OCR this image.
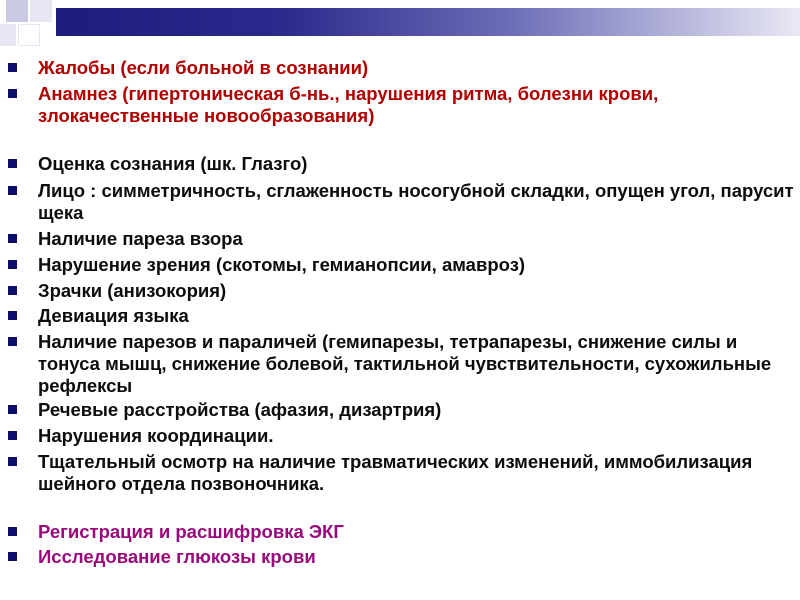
Жалобы (если больной в сознании)
Анамнез (гипертоническая б-нь., нарушения ритма, болезни крови, злокачественные новообразования)
Оценка сознания (шк. Глазго)
Лицо : симметричность, сглаженность носогубной складки, опущен угол, парусит щека
Наличие пареза взора
Нарушение зрения (скотомы, гемианопсии, амавроз)
Зрачки (анизокория)
Девиация языка
Наличие парезов и параличей (гемипарезы, тетрапарезы, снижение силы и тонуса мышц, снижение болевой, тактильной чувствительности, сухожильные рефлексы
Речевые расстройства (афазия, дизартрия)
Нарушения координации.
Тщательный осмотр на наличие травматических изменений, иммобилизация шейного отдела позвоночника.
Регистрация и расшифровка ЭКГ
Исследование глюкозы крови
